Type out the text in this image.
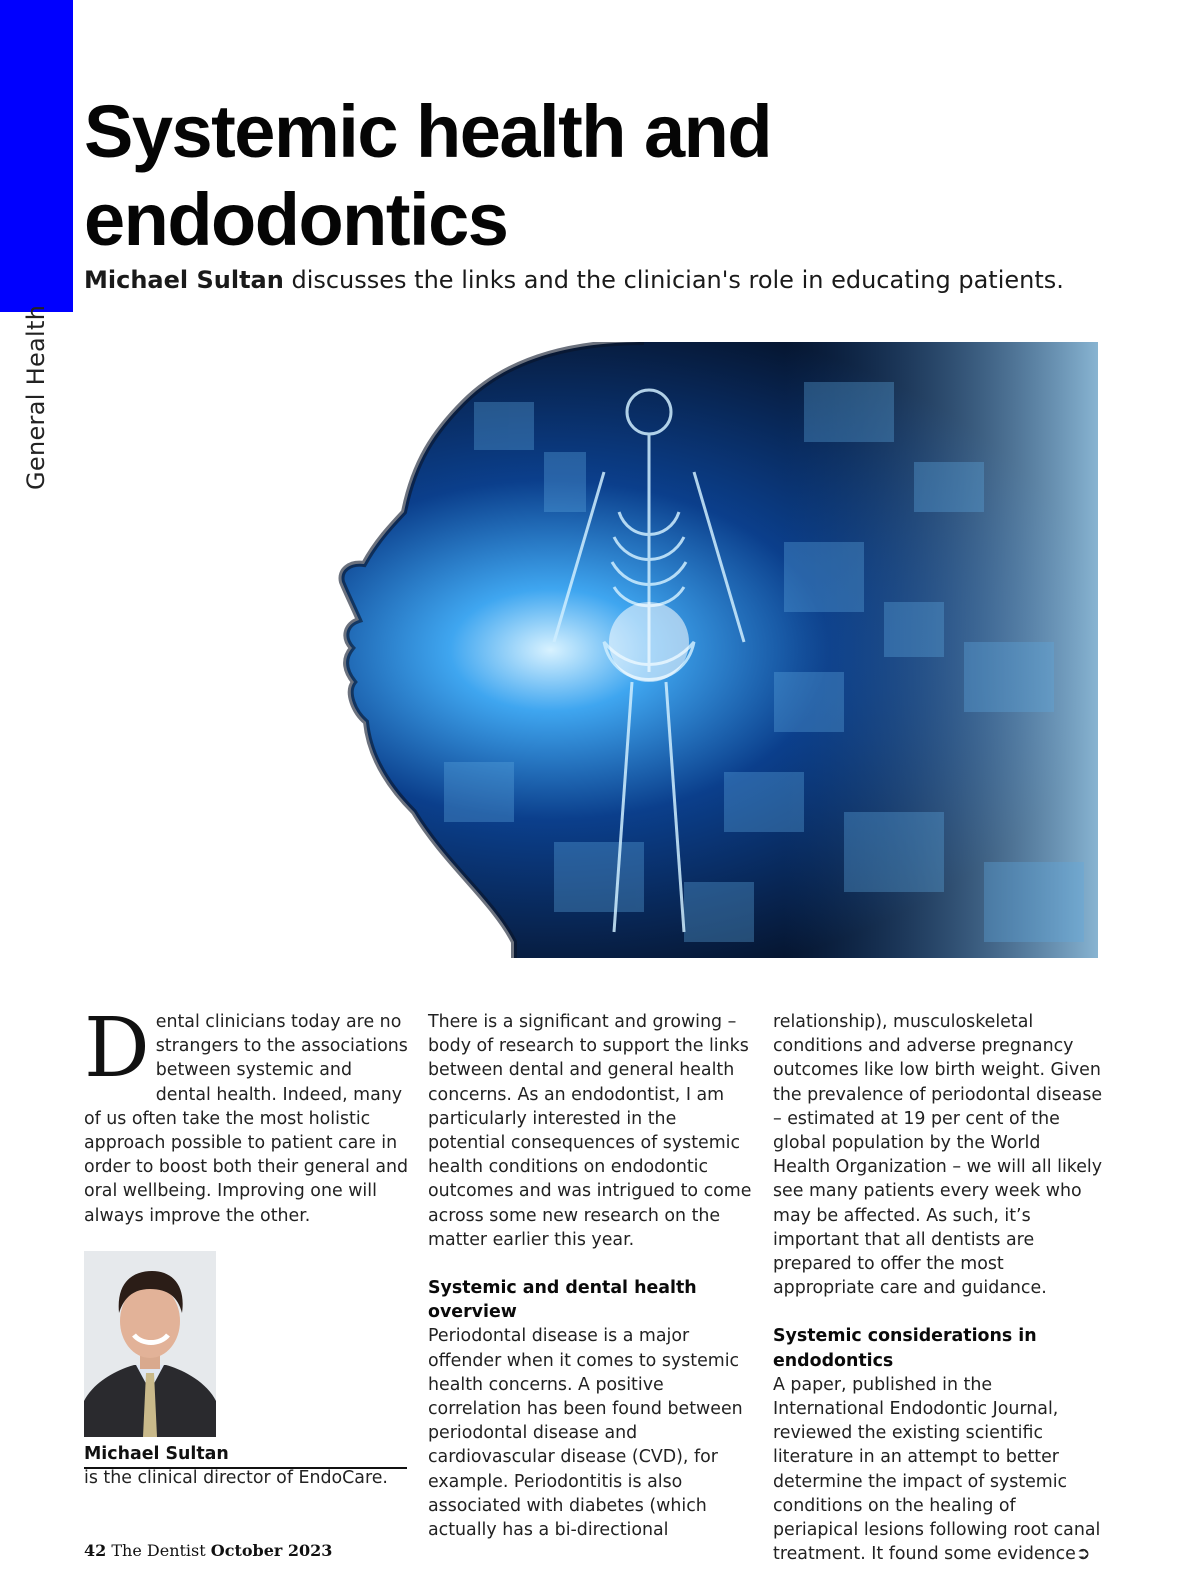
General Health
Systemic health and endodontics

Michael Sultan discusses the links and the clinician's role in educating patients.

D ental clinicians today are no strangers to the associations between systemic and dental health. Indeed, many of us often take the most holistic approach possible to patient care in order to boost both their general and oral wellbeing. Improving one will always improve the other.

There is a significant and growing – body of research to support the links between dental and general health concerns. As an endodontist, I am particularly interested in the potential consequences of systemic health conditions on endodontic outcomes and was intrigued to come across some new research on the matter earlier this year.

Systemic and dental health overview

Periodontal disease is a major offender when it comes to systemic health concerns. A positive correlation has been found between periodontal disease and cardiovascular disease (CVD), for example. Periodontitis is also associated with diabetes (which actually has a bi-directional

relationship), musculoskeletal conditions and adverse pregnancy outcomes like low birth weight. Given the prevalence of periodontal disease – estimated at 19 per cent of the global population by the World Health Organization – we will all likely see many patients every week who may be affected. As such, it’s important that all dentists are prepared to offer the most appropriate care and guidance.

Systemic considerations in endodontics

A paper, published in the International Endodontic Journal, reviewed the existing scientific literature in an attempt to better determine the impact of systemic conditions on the healing of periapical lesions following root canal treatment. It found some evidence➲

Michael Sultan
is the clinical director of EndoCare.
42 The Dentist October 2023
